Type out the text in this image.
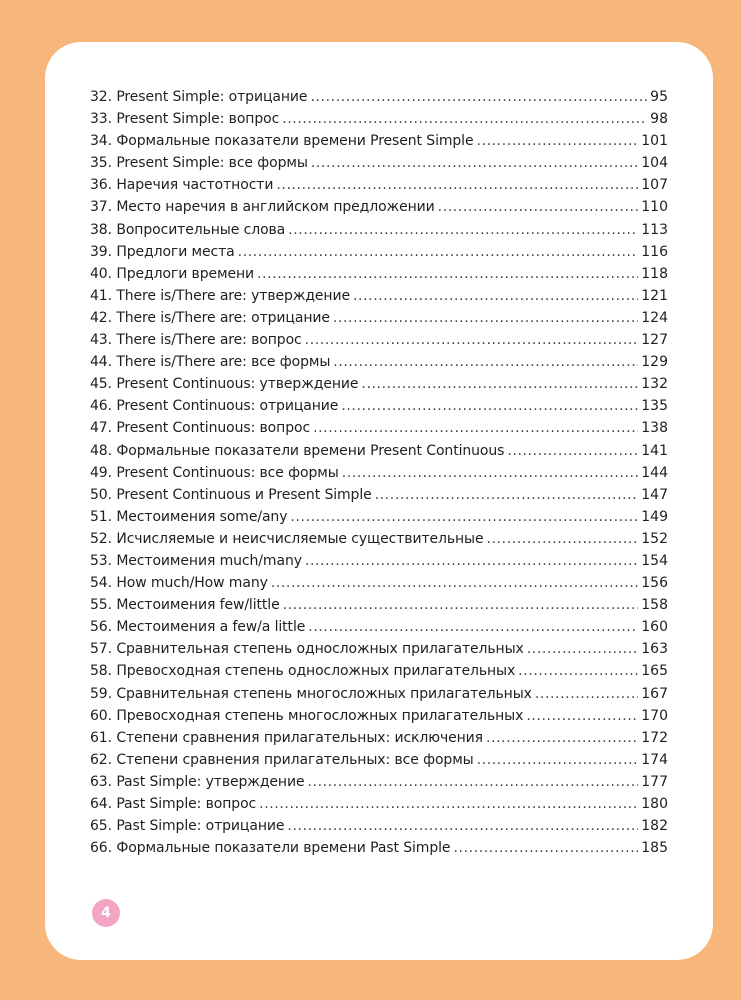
32. Present Simple: отрицание .....	95
33. Present Simple: вопрос .....	98
34. Формальные показатели времени Present Simple .....	101
35. Present Simple: все формы .....	104
36. Наречия частотности .....	107
37. Место наречия в английском предложении .....	110
38. Вопросительные слова .....	113
39. Предлоги места .....	116
40. Предлоги времени .....	118
41. There is/There are: утверждение .....	121
42. There is/There are: отрицание .....	124
43. There is/There are: вопрос .....	127
44. There is/There are: все формы .....	129
45. Present Continuous: утверждение .....	132
46. Present Continuous: отрицание .....	135
47. Present Continuous: вопрос .....	138
48. Формальные показатели времени Present Continuous .....	141
49. Present Continuous: все формы .....	144
50. Present Continuous и Present Simple .....	147
51. Местоимения some/any .....	149
52. Исчисляемые и неисчисляемые существительные .....	152
53. Местоимения much/many .....	154
54. How much/How many .....	156
55. Местоимения few/little .....	158
56. Местоимения a few/a little .....	160
57. Сравнительная степень односложных прилагательных .....	163
58. Превосходная степень односложных прилагательных .....	165
59. Сравнительная степень многосложных прилагательных .....	167
60. Превосходная степень многосложных прилагательных .....	170
61. Степени сравнения прилагательных: исключения .....	172
62. Степени сравнения прилагательных: все формы .....	174
63. Past Simple: утверждение .....	177
64. Past Simple: вопрос .....	180
65. Past Simple: отрицание .....	182
66. Формальные показатели времени Past Simple .....	185
4
